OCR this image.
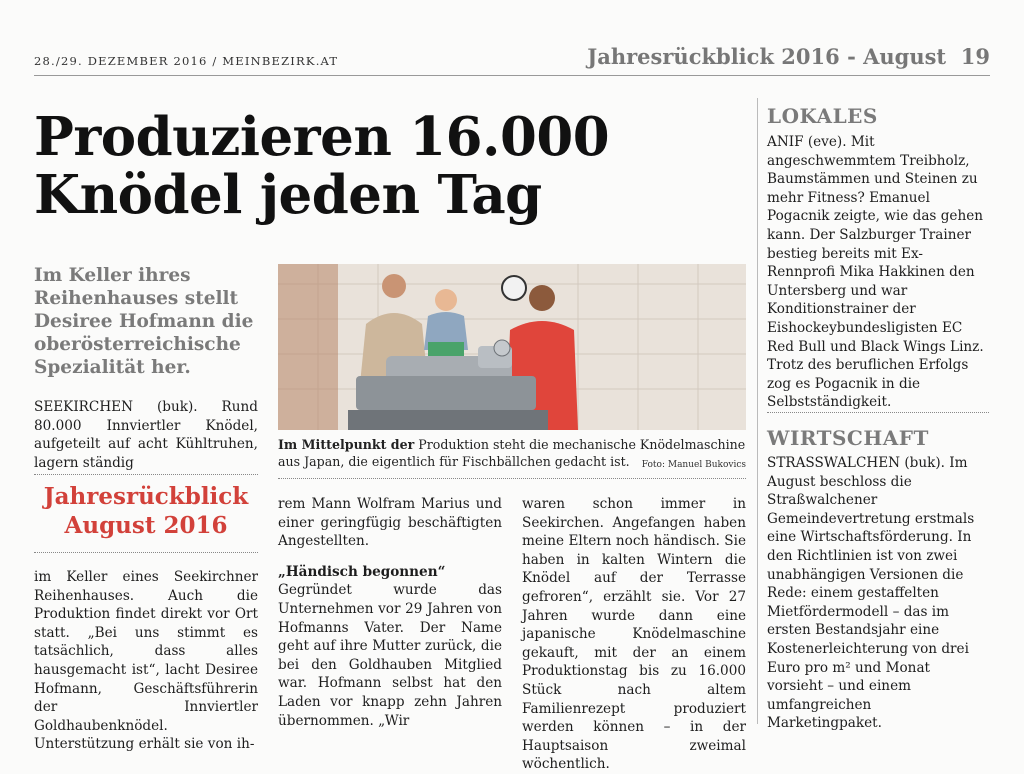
28./29. DEZEMBER 2016 / MEINBEZIRK.AT	Jahresrückblick 2016 - August 19
Produzieren 16.000
Knödel jeden Tag
Im Keller ihres Reihenhauses stellt Desiree Hofmann die oberösterreichische Spezialität her.
SEEKIRCHEN (buk). Rund 80.000 Innviertler Knödel, aufgeteilt auf acht Kühltruhen, lagern ständig
Jahresrückblick
August 2016
im Keller eines Seekirchner Reihenhauses. Auch die Produktion findet direkt vor Ort statt. „Bei uns stimmt es tatsächlich, dass alles hausgemacht ist“, lacht Desiree Hofmann, Geschäftsführerin der Innviertler Goldhaubenknödel. Unterstützung erhält sie von ih-
Im Mittelpunkt der Produktion steht die mechanische Knödelmaschine aus Japan, die eigentlich für Fischbällchen gedacht ist. Foto: Manuel Bukovics
rem Mann Wolfram Marius und einer geringfügig beschäftigten Angestellten.
„Händisch begonnen“
Gegründet wurde das Unternehmen vor 29 Jahren von Hofmanns Vater. Der Name geht auf ihre Mutter zurück, die bei den Goldhauben Mitglied war. Hofmann selbst hat den Laden vor knapp zehn Jahren übernommen. „Wir
waren schon immer in Seekirchen. Angefangen haben meine Eltern noch händisch. Sie haben in kalten Wintern die Knödel auf der Terrasse gefroren“, erzählt sie. Vor 27 Jahren wurde dann eine japanische Knödelmaschine gekauft, mit der an einem Produktionstag bis zu 16.000 Stück nach altem Familienrezept produziert werden können – in der Hauptsaison zweimal wöchentlich.
LOKALES
ANIF (eve). Mit angeschwemmtem Treibholz, Baumstämmen und Steinen zu mehr Fitness? Emanuel Pogacnik zeigte, wie das gehen kann. Der Salzburger Trainer bestieg bereits mit Ex-Rennprofi Mika Hakkinen den Untersberg und war Konditionstrainer der Eishockeybundesligisten EC Red Bull und Black Wings Linz. Trotz des beruflichen Erfolgs zog es Pogacnik in die Selbstständigkeit.
WIRTSCHAFT
STRASSWALCHEN (buk). Im August beschloss die Straßwalchener Gemeindevertretung erstmals eine Wirtschaftsförderung. In den Richtlinien ist von zwei unabhängigen Versionen die Rede: einem gestaffelten Mietfördermodell – das im ersten Bestandsjahr eine Kostenerleichterung von drei Euro pro m² und Monat vorsieht – und einem umfangreichen Marketingpaket.
